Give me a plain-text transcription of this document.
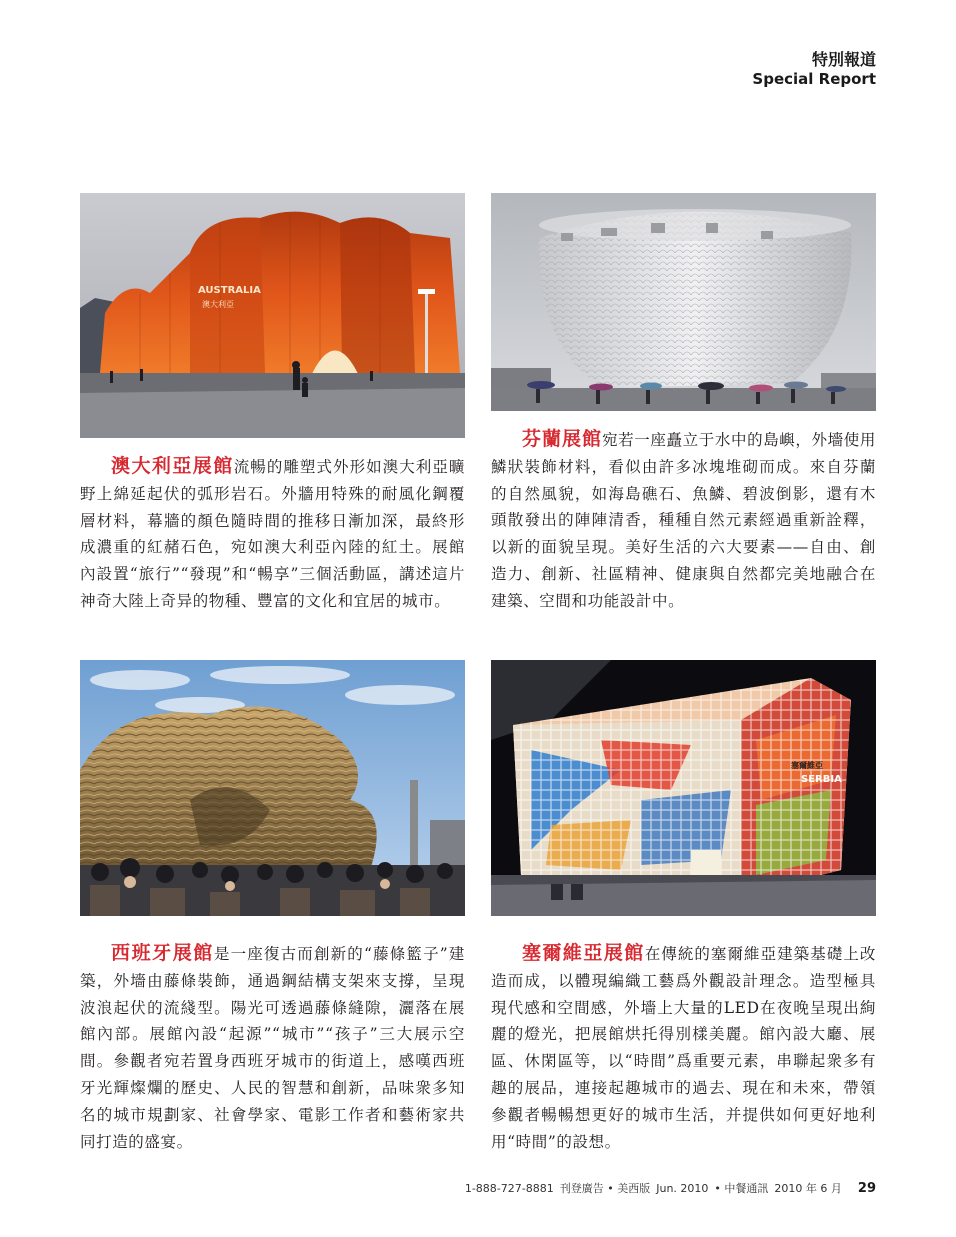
特別報道
Special Report
AUSTRALIA
澳大利亞

澳大利亞展館流暢的雕塑式外形如澳大利亞曠野上綿延起伏的弧形岩石。外牆用特殊的耐風化鋼覆層材料，幕牆的顏色隨時間的推移日漸加深，最終形成濃重的紅赭石色，宛如澳大利亞內陸的紅土。展館內設置“旅行”“發現”和“暢享”三個活動區，講述這片神奇大陸上奇异的物種、豐富的文化和宜居的城市。

芬蘭展館宛若一座矗立于水中的島嶼，外墻使用鱗狀裝飾材料，看似由許多冰塊堆砌而成。來自芬蘭的自然風貌，如海島礁石、魚鱗、碧波倒影，還有木頭散發出的陣陣清香，種種自然元素經過重新詮釋，以新的面貌呈現。美好生活的六大要素——自由、創造力、創新、社區精神、健康與自然都完美地融合在建築、空間和功能設計中。

塞爾維亞
SERBIA

西班牙展館是一座復古而創新的“藤條籃子”建築，外墻由藤條裝飾，通過鋼結構支架來支撐，呈現波浪起伏的流綫型。陽光可透過藤條縫隙，灑落在展館內部。展館內設“起源”“城市”“孩子”三大展示空間。參觀者宛若置身西班牙城市的街道上，感嘆西班牙光輝燦爛的歷史、人民的智慧和創新，品味衆多知名的城市規劃家、社會學家、電影工作者和藝術家共同打造的盛宴。

塞爾維亞展館在傳統的塞爾維亞建築基礎上改造而成，以體現編織工藝爲外觀設計理念。造型極具現代感和空間感，外墻上大量的LED在夜晚呈現出絢麗的燈光，把展館烘托得別樣美麗。館內設大廳、展區、休閑區等，以“時間”爲重要元素，串聯起衆多有趣的展品，連接起趣城市的過去、現在和未來，帶領參觀者暢暢想更好的城市生活，并提供如何更好地利用“時間”的設想。

1-888-727-8881 刊登廣告 • 美西版 Jun. 2010 • 中餐通訊 2010 年 6 月 29
